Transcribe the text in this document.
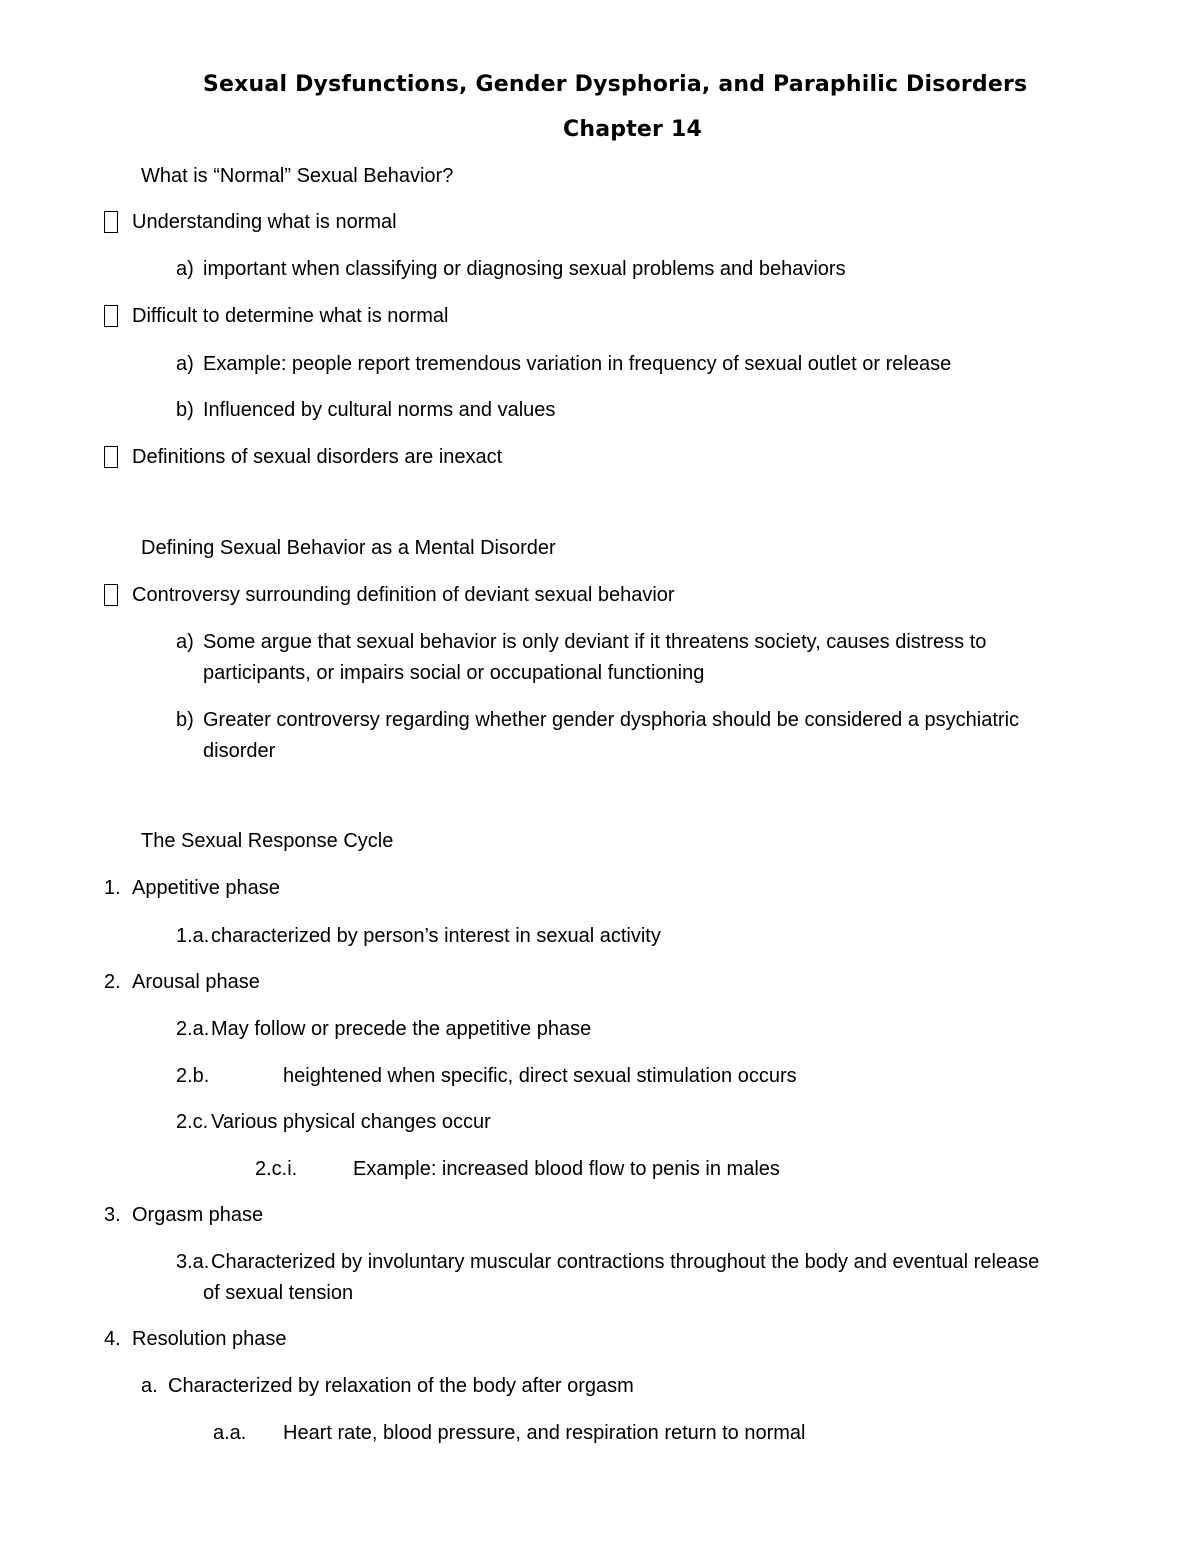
Sexual Dysfunctions, Gender Dysphoria, and Paraphilic Disorders
Chapter 14
What is “Normal” Sexual Behavior?
Understanding what is normal
a) important when classifying or diagnosing sexual problems and behaviors
Difficult to determine what is normal
a) Example: people report tremendous variation in frequency of sexual outlet or release
b) Influenced by cultural norms and values
Definitions of sexual disorders are inexact
Defining Sexual Behavior as a Mental Disorder
Controversy surrounding definition of deviant sexual behavior
a) Some argue that sexual behavior is only deviant if it threatens society, causes distress to
participants, or impairs social or occupational functioning
b) Greater controversy regarding whether gender dysphoria should be considered a psychiatric
disorder
The Sexual Response Cycle
1. Appetitive phase
1.a. characterized by person’s interest in sexual activity
2. Arousal phase
2.a. May follow or precede the appetitive phase
2.b.	heightened when specific, direct sexual stimulation occurs
2.c. Various physical changes occur
2.c.i.	Example: increased blood flow to penis in males
3. Orgasm phase
3.a. Characterized by involuntary muscular contractions throughout the body and eventual release
of sexual tension
4. Resolution phase
a. Characterized by relaxation of the body after orgasm
a.a. Heart rate, blood pressure, and respiration return to normal
